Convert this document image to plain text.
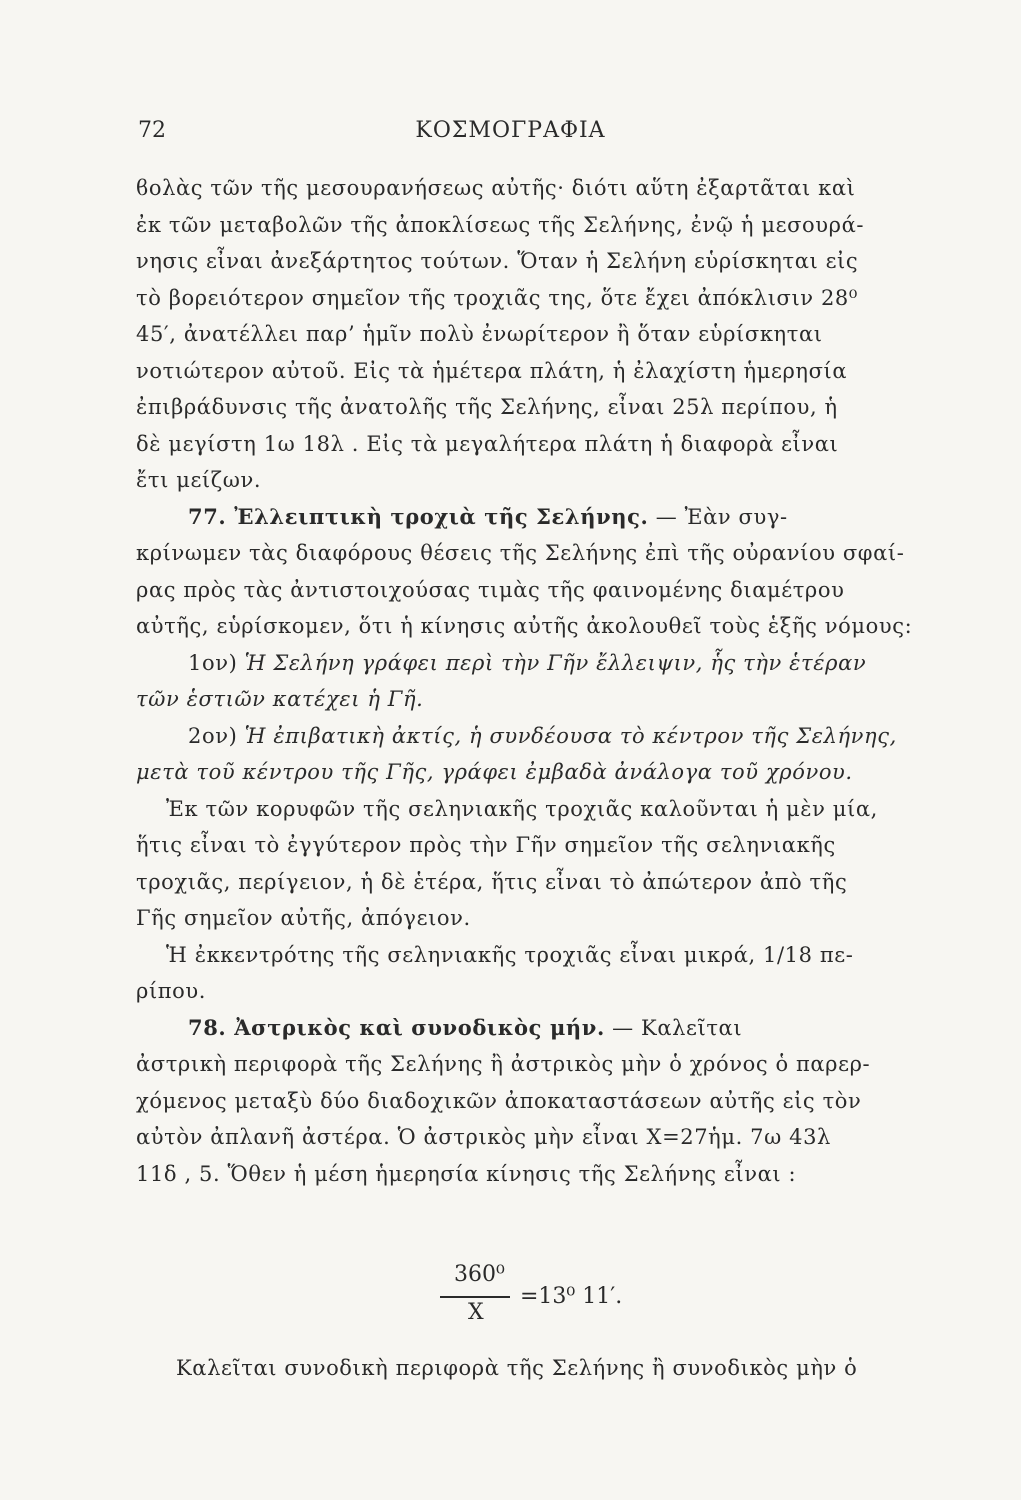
72	ΚΟΣΜΟΓΡΑΦΙΑ
ϐολὰς τῶν τῆς μεσουρανήσεως αὐτῆς· διότι αὕτη ἐξαρτᾶται καὶ
ἐκ τῶν μεταβολῶν τῆς ἀποκλίσεως τῆς Σελήνης, ἐνῷ ἡ μεσουρά-
νησις εἶναι ἀνεξάρτητος τούτων. Ὅταν ἡ Σελήνη εὑρίσκηται εἰς
τὸ βορειότερον σημεῖον τῆς τροχιᾶς της, ὅτε ἔχει ἀπόκλισιν 28⁰
45′, ἀνατέλλει παρ’ ἡμῖν πολὺ ἐνωρίτερον ἢ ὅταν εὑρίσκηται
νοτιώτερον αὐτοῦ. Εἰς τὰ ἡμέτερα πλάτη, ἡ ἐλαχίστη ἡμερησία
ἐπιβράδυνσις τῆς ἀνατολῆς τῆς Σελήνης, εἶναι 25λ περίπου, ἡ
δὲ μεγίστη 1ω 18λ . Εἰς τὰ μεγαλήτερα πλάτη ἡ διαφορὰ εἶναι
ἔτι μείζων.
77. Ἐλλειπτικὴ τροχιὰ τῆς Σελήνης. — Ἐὰν συγ-
κρίνωμεν τὰς διαφόρους θέσεις τῆς Σελήνης ἐπὶ τῆς οὐρανίου σφαί-
ρας πρὸς τὰς ἀντιστοιχούσας τιμὰς τῆς φαινομένης διαμέτρου
αὐτῆς, εὑρίσκομεν, ὅτι ἡ κίνησις αὐτῆς ἀκολουθεῖ τοὺς ἑξῆς νόμους:
1ον) Ἡ Σελήνη γράφει περὶ τὴν Γῆν ἔλλειψιν, ἧς τὴν ἑτέραν
τῶν ἑστιῶν κατέχει ἡ Γῆ.
2ον) Ἡ ἐπιβατικὴ ἀκτίς, ἡ συνδέουσα τὸ κέντρον τῆς Σελήνης,
μετὰ τοῦ κέντρου τῆς Γῆς, γράφει ἐμβαδὰ ἀνάλογα τοῦ χρόνου.
Ἐκ τῶν κορυφῶν τῆς σεληνιακῆς τροχιᾶς καλοῦνται ἡ μὲν μία,
ἥτις εἶναι τὸ ἐγγύτερον πρὸς τὴν Γῆν σημεῖον τῆς σεληνιακῆς
τροχιᾶς, περίγειον, ἡ δὲ ἑτέρα, ἥτις εἶναι τὸ ἀπώτερον ἀπὸ τῆς
Γῆς σημεῖον αὐτῆς, ἀπόγειον.
Ἡ ἐκκεντρότης τῆς σεληνιακῆς τροχιᾶς εἶναι μικρά, 1/18 πε-
ρίπου.
78. Ἀστρικὸς καὶ συνοδικὸς μήν. — Καλεῖται
ἀστρικὴ περιφορὰ τῆς Σελήνης ἢ ἀστρικὸς μὴν ὁ χρόνος ὁ παρερ-
χόμενος μεταξὺ δύο διαδοχικῶν ἀποκαταστάσεων αὐτῆς εἰς τὸν
αὐτὸν ἀπλανῆ ἀστέρα. Ὁ ἀστρικὸς μὴν εἶναι Χ=27ἡμ. 7ω 43λ
11δ , 5. Ὅθεν ἡ μέση ἡμερησία κίνησις τῆς Σελήνης εἶναι :
360⁰
Χ
=13⁰ 11′.
Καλεῖται συνοδικὴ περιφορὰ τῆς Σελήνης ἢ συνοδικὸς μὴν ὁ
